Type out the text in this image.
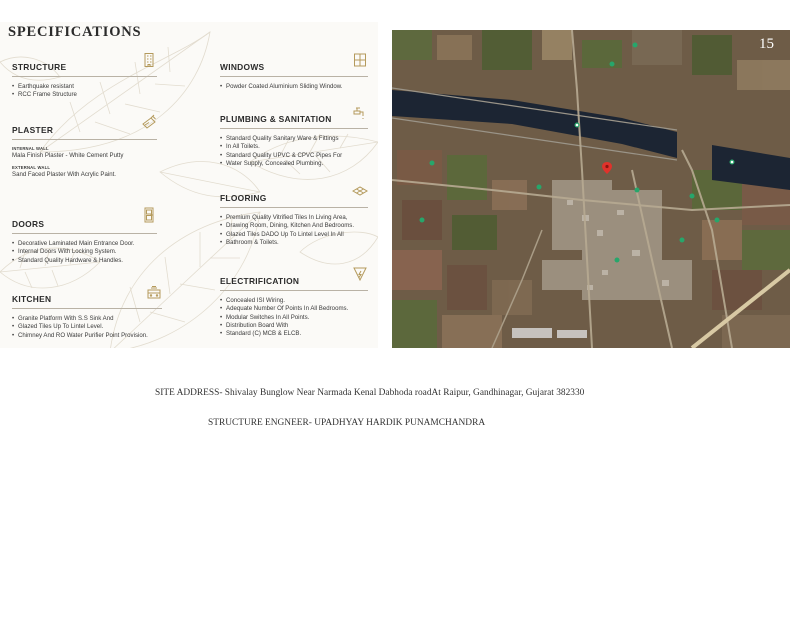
SPECIFICATIONS
STRUCTURE
• Earthquake resistant
• RCC Frame Structure
PLASTER
INTERNAL WALL
Mala Finish Plaster - White Cement Putty
EXTERNAL WALL
Sand Faced Plaster With Acrylic Paint.
DOORS
• Decorative Laminated Main Entrance Door.
• Internal Doors With Locking System.
• Standard Quality Hardware & Handles.
KITCHEN
• Granite Platform With S.S Sink And
• Glazed Tiles Up To Lintel Level.
• Chimney And RO Water Purifier Point Provision.
WINDOWS
• Powder Coated Aluminium Sliding Window.
PLUMBING & SANITATION
• Standard Quality Sanitary Ware & Fittings
• In All Toilets.
• Standard Quality UPVC & CPVC Pipes For
• Water Supply, Concealed Plumbing.
FLOORING
• Premium Quality Vitrified Tiles In Living Area,
• Drawing Room, Dining, Kitchen And Bedrooms.
• Glazed Tiles DADO Up To Lintel Level In All
• Bathroom & Toilets.
ELECTRIFICATION
• Concealed ISI Wiring.
• Adequate Number Of Points In All Bedrooms.
• Modular Switches In All Points.
• Distribution Board With
• Standard (C) MCB & ELCB.
15
SITE ADDRESS- Shivalay Bunglow Near Narmada Kenal Dabhoda roadAt Raipur, Gandhinagar, Gujarat 382330
STRUCTURE ENGNEER- UPADHYAY HARDIK PUNAMCHANDRA
